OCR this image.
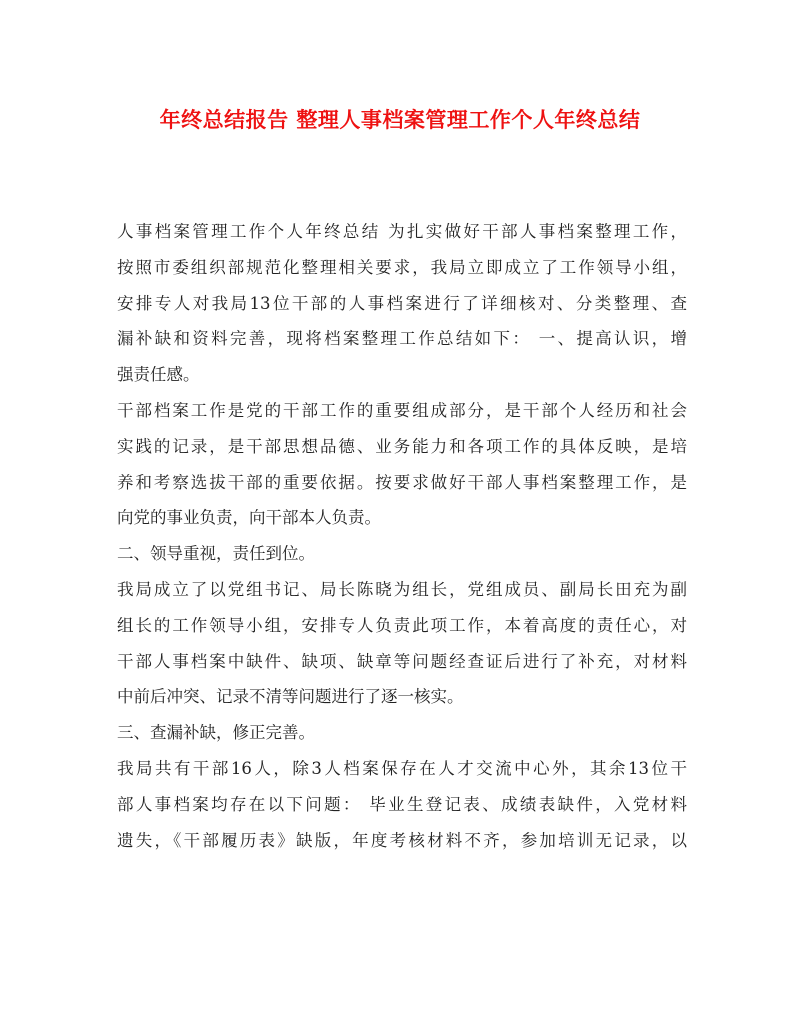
年终总结报告 整理人事档案管理工作个人年终总结
人事档案管理工作个人年终总结 为扎实做好干部人事档案整理工作，
按照市委组织部规范化整理相关要求，我局立即成立了工作领导小组，
安排专人对我局13位干部的人事档案进行了详细核对、分类整理、查
漏补缺和资料完善，现将档案整理工作总结如下： 一、提高认识，增
强责任感。
干部档案工作是党的干部工作的重要组成部分，是干部个人经历和社会
实践的记录，是干部思想品德、业务能力和各项工作的具体反映，是培
养和考察选拔干部的重要依据。按要求做好干部人事档案整理工作，是
向党的事业负责，向干部本人负责。
二、领导重视，责任到位。
我局成立了以党组书记、局长陈晓为组长，党组成员、副局长田充为副
组长的工作领导小组，安排专人负责此项工作，本着高度的责任心，对
干部人事档案中缺件、缺项、缺章等问题经查证后进行了补充，对材料
中前后冲突、记录不清等问题进行了逐一核实。
三、查漏补缺，修正完善。
我局共有干部16人，除3人档案保存在人才交流中心外，其余13位干
部人事档案均存在以下问题： 毕业生登记表、成绩表缺件，入党材料
遗失，《干部履历表》缺版，年度考核材料不齐，参加培训无记录，以
